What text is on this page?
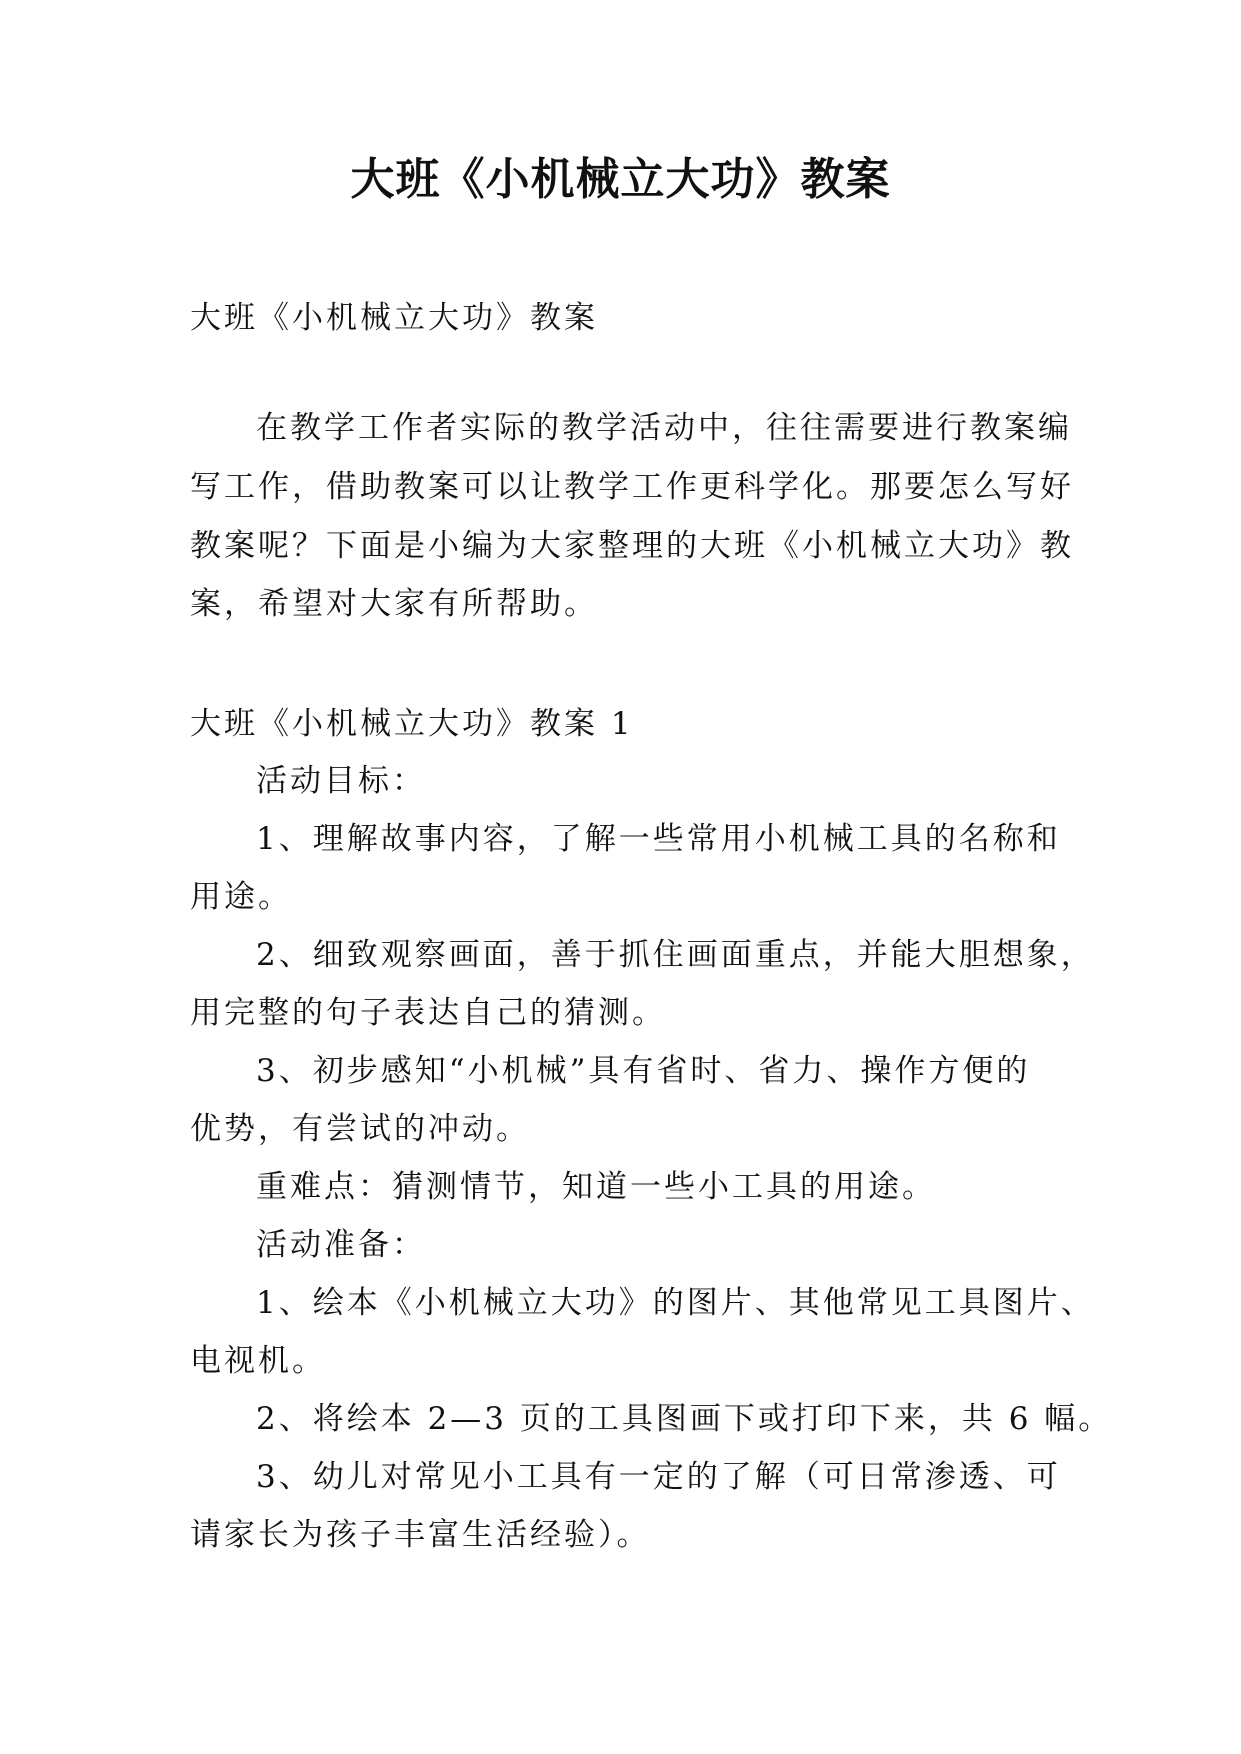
大班《小机械立大功》教案
大班《小机械立大功》教案
在教学工作者实际的教学活动中，往往需要进行教案编
写工作，借助教案可以让教学工作更科学化。那要怎么写好
教案呢？下面是小编为大家整理的大班《小机械立大功》教
案，希望对大家有所帮助。
大班《小机械立大功》教案 1
活动目标：
1、理解故事内容，了解一些常用小机械工具的名称和
用途。
2、细致观察画面，善于抓住画面重点，并能大胆想象，
用完整的句子表达自己的猜测。
3、初步感知“小机械”具有省时、省力、操作方便的
优势，有尝试的冲动。
重难点：猜测情节，知道一些小工具的用途。
活动准备：
1、绘本《小机械立大功》的图片、其他常见工具图片、
电视机。
2、将绘本 2—3 页的工具图画下或打印下来，共 6 幅。
3、幼儿对常见小工具有一定的了解（可日常渗透、可
请家长为孩子丰富生活经验）。
